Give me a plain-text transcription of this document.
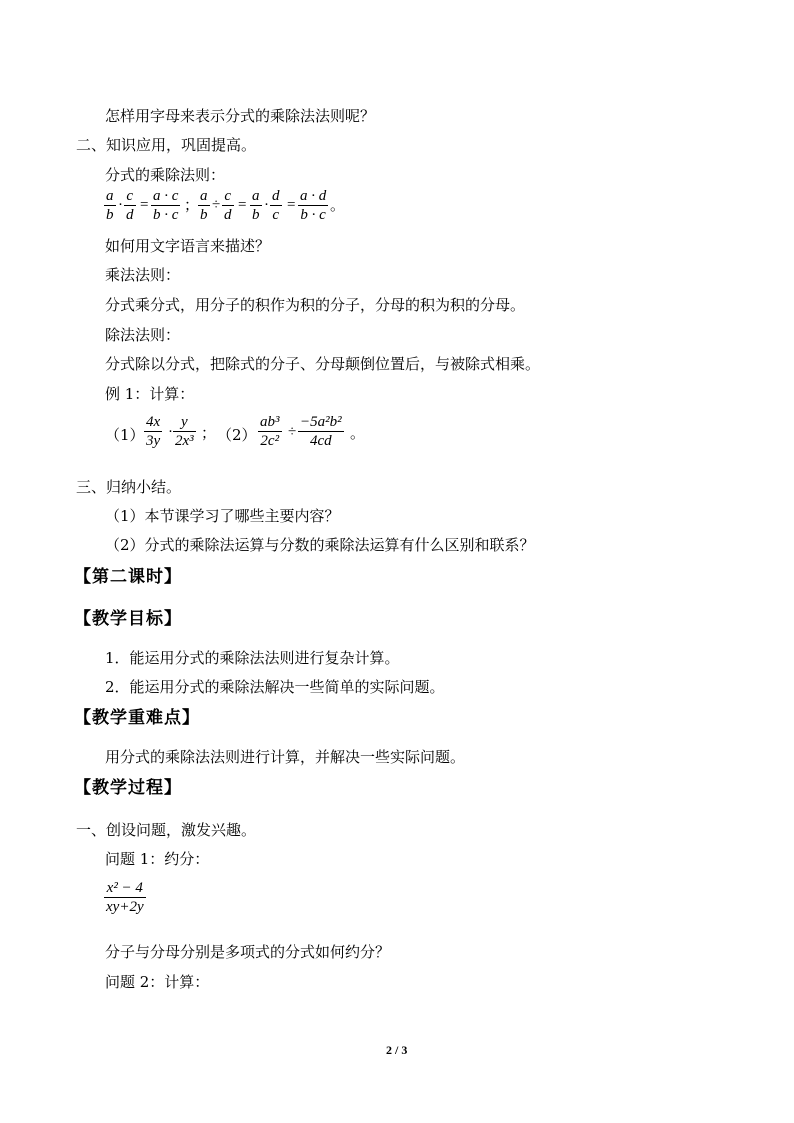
怎样用字母来表示分式的乘除法法则呢？
二、知识应用，巩固提高。
分式的乘除法则：
a
b
·
c
d
=
a · c
b · c
；
a
b
÷
c
d
=
a
b
·
d
c
=
a · d
b · c
。
如何用文字语言来描述？
乘法法则：
分式乘分式，用分子的积作为积的分子，分母的积为积的分母。
除法法则：
分式除以分式，把除式的分子、分母颠倒位置后，与被除式相乘。
例 1：计算：
（1）
4x
3y
·
y
2x³ ； （2）
ab³
2c²
÷
−5a²b²
4cd	。
三、归纳小结。
（1）本节课学习了哪些主要内容？
（2）分式的乘除法运算与分数的乘除法运算有什么区别和联系？
【第二课时】
【教学目标】
1．能运用分式的乘除法法则进行复杂计算。
2．能运用分式的乘除法解决一些简单的实际问题。
【教学重难点】
用分式的乘除法法则进行计算，并解决一些实际问题。
【教学过程】
一、创设问题，激发兴趣。
问题 1：约分：
x² − 4
xy+2y
分子与分母分别是多项式的分式如何约分？
问题 2：计算：
2 / 3
